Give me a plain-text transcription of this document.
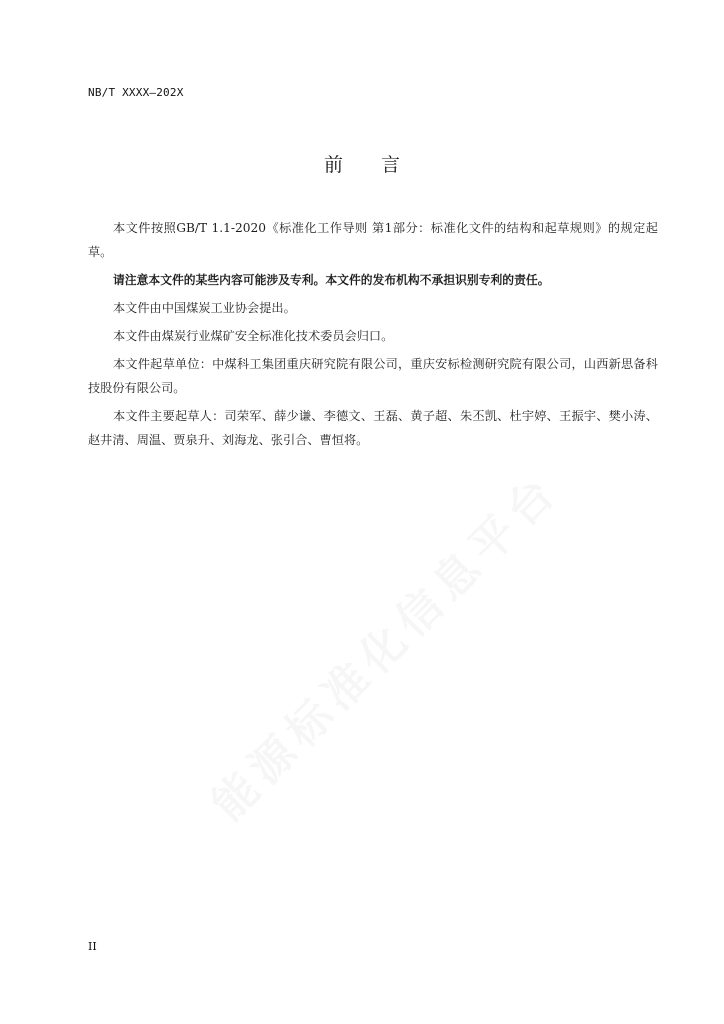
NB/T XXXX—202X
前言

本文件按照GB/T 1.1-2020《标准化工作导则 第1部分：标准化文件的结构和起草规则》的规定起草。

请注意本文件的某些内容可能涉及专利。本文件的发布机构不承担识别专利的责任。

本文件由中国煤炭工业协会提出。

本文件由煤炭行业煤矿安全标准化技术委员会归口。

本文件起草单位：中煤科工集团重庆研究院有限公司，重庆安标检测研究院有限公司，山西新思备科技股份有限公司。

本文件主要起草人：司荣军、薛少谦、李德文、王磊、黄子超、朱丕凯、杜宇婷、王振宇、樊小涛、赵井清、周温、贾泉升、刘海龙、张引合、曹恒将。

能源标准化信息平台
II
